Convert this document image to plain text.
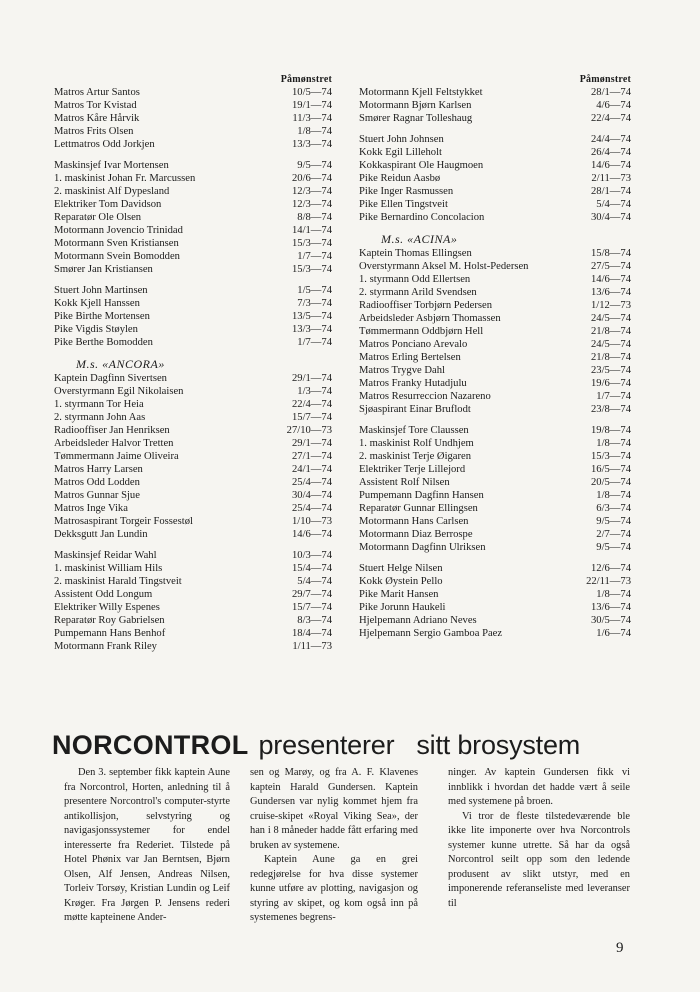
Påmønstret
Matros Artur Santos	10/5—74
Matros Tor Kvistad	19/1—74
Matros Kåre Hårvik	11/3—74
Matros Frits Olsen	1/8—74
Lettmatros Odd Jorkjen	13/3—74
Maskinsjef Ivar Mortensen	9/5—74
1. maskinist Johan Fr. Marcussen	20/6—74
2. maskinist Alf Dypesland	12/3—74
Elektriker Tom Davidson	12/3—74
Reparatør Ole Olsen	8/8—74
Motormann Jovencio Trinidad	14/1—74
Motormann Sven Kristiansen	15/3—74
Motormann Svein Bomodden	1/7—74
Smører Jan Kristiansen	15/3—74
Stuert John Martinsen	1/5—74
Kokk Kjell Hanssen	7/3—74
Pike Birthe Mortensen	13/5—74
Pike Vigdis Støylen	13/3—74
Pike Berthe Bomodden	1/7—74
M.s. «ANCORA»
Kaptein Dagfinn Sivertsen	29/1—74
Overstyrmann Egil Nikolaisen	1/3—74
1. styrmann Tor Heia	22/4—74
2. styrmann John Aas	15/7—74
Radiooffiser Jan Henriksen	27/10—73
Arbeidsleder Halvor Tretten	29/1—74
Tømmermann Jaime Oliveira	27/1—74
Matros Harry Larsen	24/1—74
Matros Odd Lodden	25/4—74
Matros Gunnar Sjue	30/4—74
Matros Inge Vika	25/4—74
Matrosaspirant Torgeir Fossestøl	1/10—73
Dekksgutt Jan Lundin	14/6—74
Maskinsjef Reidar Wahl	10/3—74
1. maskinist William Hils	15/4—74
2. maskinist Harald Tingstveit	5/4—74
Assistent Odd Longum	29/7—74
Elektriker Willy Espenes	15/7—74
Reparatør Roy Gabrielsen	8/3—74
Pumpemann Hans Benhof	18/4—74
Motormann Frank Riley	1/11—73
Påmønstret
Motormann Kjell Feltstykket	28/1—74
Motormann Bjørn Karlsen	4/6—74
Smører Ragnar Tolleshaug	22/4—74
Stuert John Johnsen	24/4—74
Kokk Egil Lilleholt	26/4—74
Kokkaspirant Ole Haugmoen	14/6—74
Pike Reidun Aasbø	2/11—73
Pike Inger Rasmussen	28/1—74
Pike Ellen Tingstveit	5/4—74
Pike Bernardino Concolacion	30/4—74
M.s. «ACINA»
Kaptein Thomas Ellingsen	15/8—74
Overstyrmann Aksel M. Holst-Pedersen	27/5—74
1. styrmann Odd Ellertsen	14/6—74
2. styrmann Arild Svendsen	13/6—74
Radiooffiser Torbjørn Pedersen	1/12—73
Arbeidsleder Asbjørn Thomassen	24/5—74
Tømmermann Oddbjørn Hell	21/8—74
Matros Ponciano Arevalo	24/5—74
Matros Erling Bertelsen	21/8—74
Matros Trygve Dahl	23/5—74
Matros Franky Hutadjulu	19/6—74
Matros Resurreccion Nazareno	1/7—74
Sjøaspirant Einar Bruflodt	23/8—74
Maskinsjef Tore Claussen	19/8—74
1. maskinist Rolf Undhjem	1/8—74
2. maskinist Terje Øigaren	15/3—74
Elektriker Terje Lillejord	16/5—74
Assistent Rolf Nilsen	20/5—74
Pumpemann Dagfinn Hansen	1/8—74
Reparatør Gunnar Ellingsen	6/3—74
Motormann Hans Carlsen	9/5—74
Motormann Diaz Berrospe	2/7—74
Motormann Dagfinn Ulriksen	9/5—74
Stuert Helge Nilsen	12/6—74
Kokk Øystein Pello	22/11—73
Pike Marit Hansen	1/8—74
Pike Jorunn Haukeli	13/6—74
Hjelpemann Adriano Neves	30/5—74
Hjelpemann Sergio Gamboa Paez	1/6—74
NORCONTROL presenterer sitt brosystem
Den 3. september fikk kaptein Aune fra Norcontrol, Horten, anledning til å presentere Norcontrol's computer-styrte antikollisjon, selvstyring og navigasjonssystemer for endel interesserte fra Rederiet. Tilstede på Hotel Phønix var Jan Berntsen, Bjørn Olsen, Alf Jensen, Andreas Nilsen, Torleiv Torsøy, Kristian Lundin og Leif Krøger. Fra Jørgen P. Jensens rederi møtte kapteinene Ander-

sen og Marøy, og fra A. F. Klavenes kaptein Harald Gundersen. Kaptein Gundersen var nylig kommet hjem fra cruise-skipet «Royal Viking Sea», der han i 8 måneder hadde fått erfaring med bruken av systemene.

Kaptein Aune ga en grei redegjørelse for hva disse systemer kunne utføre av plotting, navigasjon og styring av skipet, og kom også inn på systemenes begrens-

ninger. Av kaptein Gundersen fikk vi innblikk i hvordan det hadde vært å seile med systemene på broen.

Vi tror de fleste tilstedeværende ble ikke lite imponerte over hva Norcontrols systemer kunne utrette. Så har da også Norcontrol seilt opp som den ledende produsent av slikt utstyr, med en imponerende referanseliste med leveranser til

9
